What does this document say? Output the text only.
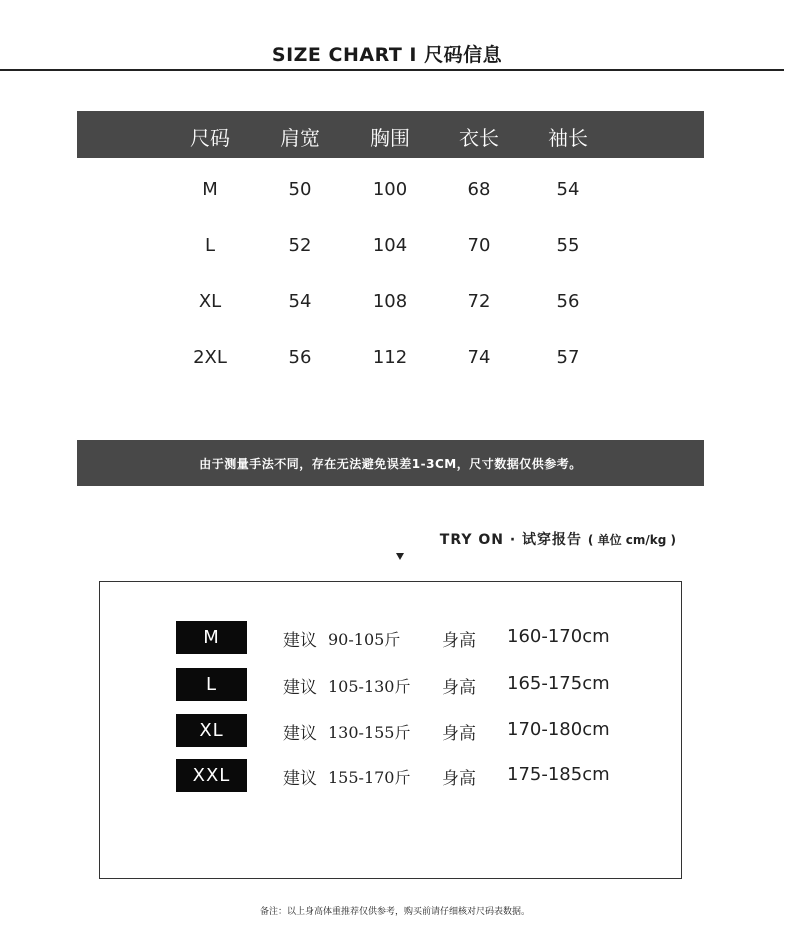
SIZE CHART Ⅰ 尺码信息
尺码	肩宽	胸围	衣长	袖长
M	50	100	68	54
L	52	104	70	55
XL	54	108	72	56
2XL	56	112	74	57
由于测量手法不同，存在无法避免误差1-3CM，尺寸数据仅供参考。
TRY ON · 试穿报告 ( 单位 cm/kg )
M	建议 90-105斤 身高 160-170cm
L	建议 105-130斤 身高 165-175cm
XL	建议 130-155斤 身高 170-180cm
XXL	建议 155-170斤 身高 175-185cm
备注：以上身高体重推荐仅供参考，购买前请仔细核对尺码表数据。
